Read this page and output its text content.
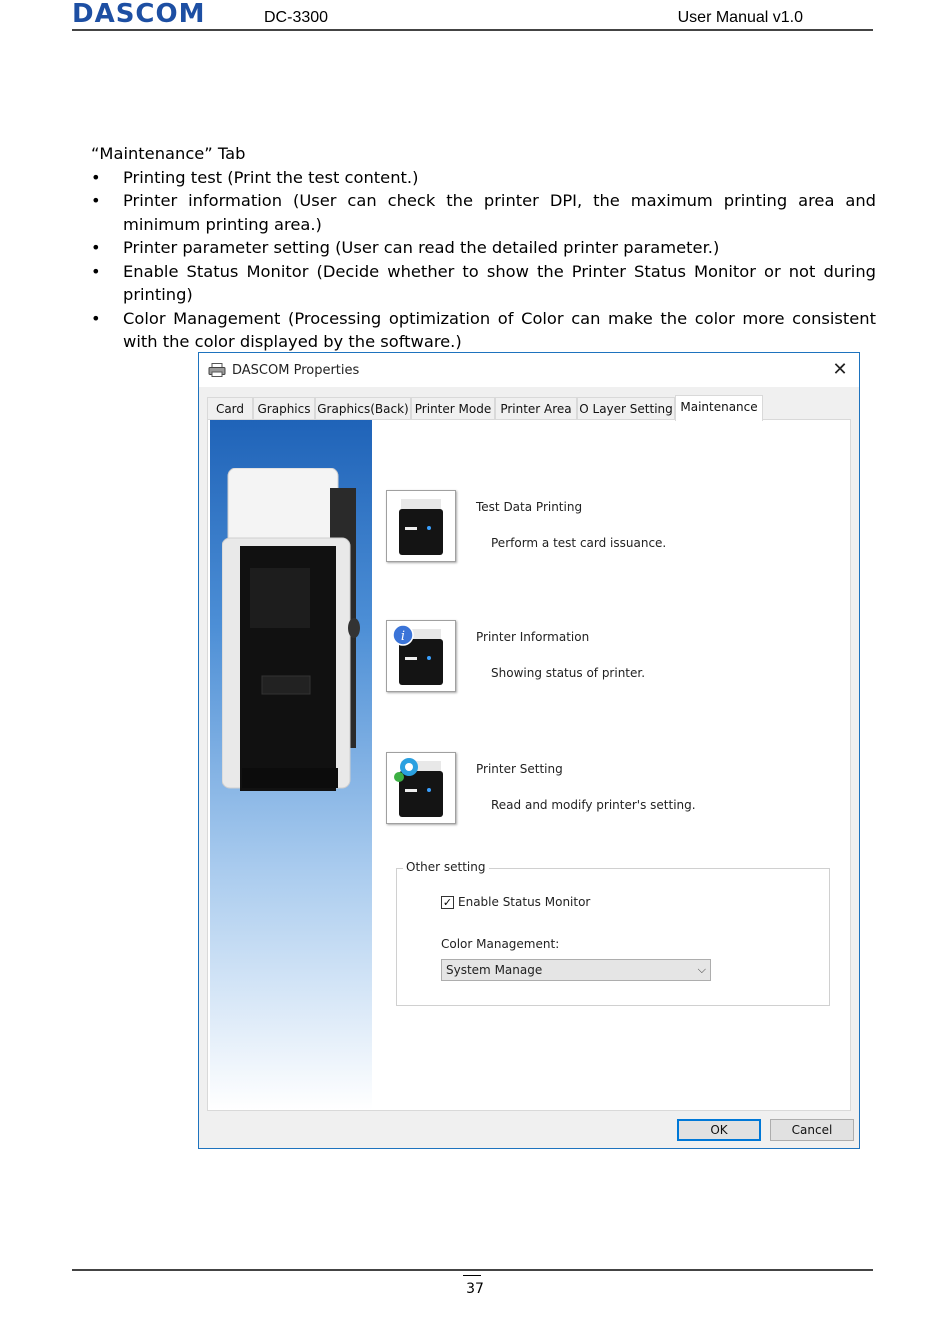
DASCOM	DC-3300	User Manual v1.0

“Maintenance” Tab

• Printing test (Print the test content.)
• Printer information (User can check the printer DPI, the maximum printing area and minimum printing area.)
• Printer parameter setting (User can read the detailed printer parameter.)
• Enable Status Monitor (Decide whether to show the Printer Status Monitor or not during printing)
• Color Management (Processing optimization of Color can make the color more consistent with the color displayed by the software.)
DASCOM Properties	✕
Card	Graphics Graphics(Back) Printer Mode Printer Area O Layer Setting Maintenance
Test Data Printing
Perform a test card issuance.
i	Printer Information
Showing status of printer.
Printer Setting
Read and modify printer's setting.
Other setting
✓ Enable Status Monitor
Color Management:
System Manage	⌵
OK	Cancel
37
